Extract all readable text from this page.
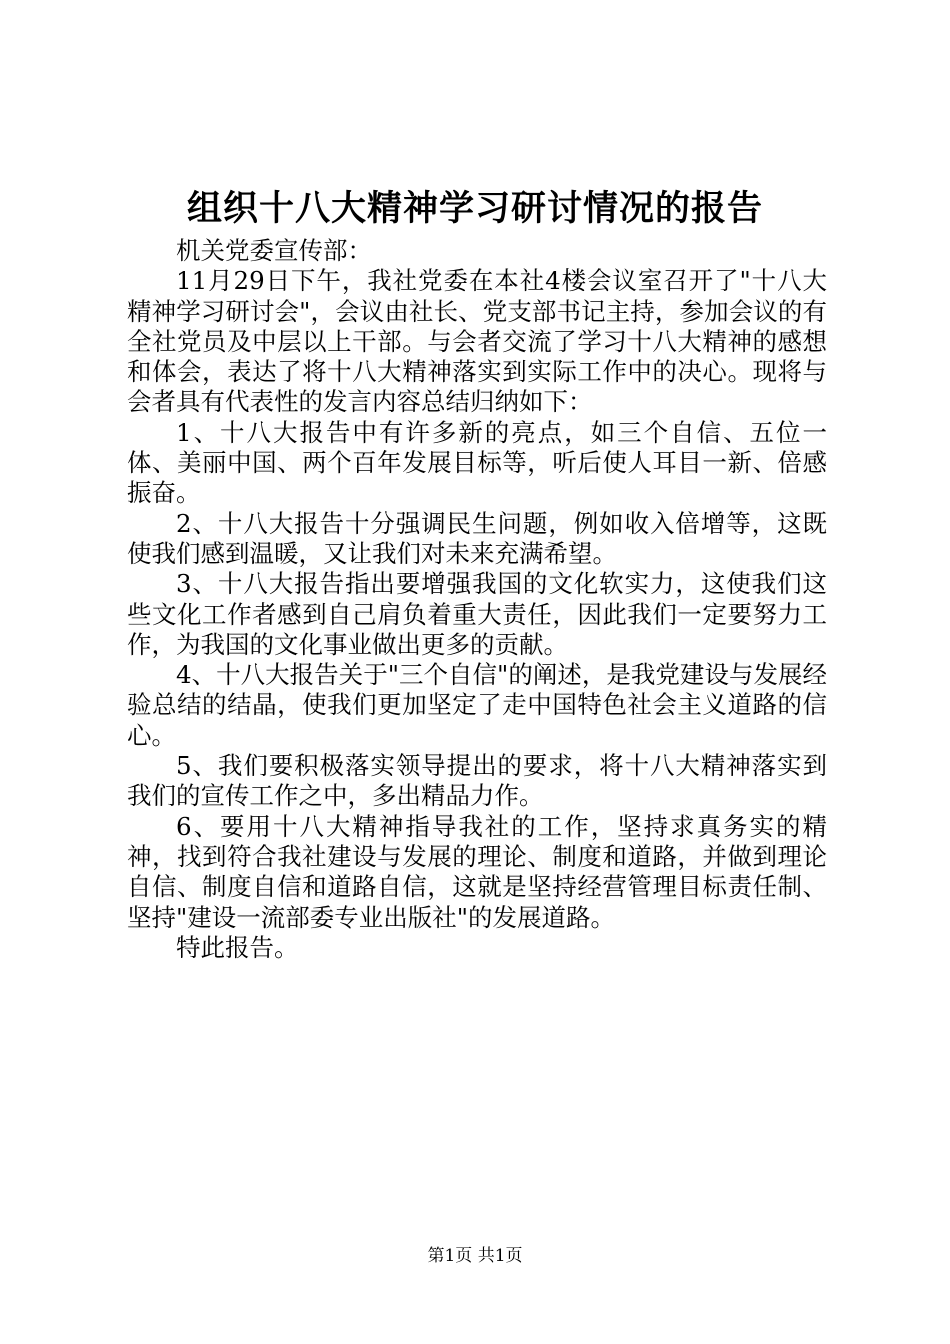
组织十八大精神学习研讨情况的报告

机关党委宣传部：

11月29日下午，我社党委在本社4楼会议室召开了"十八大精神学习研讨会"，会议由社长、党支部书记主持，参加会议的有全社党员及中层以上干部。与会者交流了学习十八大精神的感想和体会，表达了将十八大精神落实到实际工作中的决心。现将与会者具有代表性的发言内容总结归纳如下：

1、十八大报告中有许多新的亮点，如三个自信、五位一体、美丽中国、两个百年发展目标等，听后使人耳目一新、倍感振奋。

2、十八大报告十分强调民生问题，例如收入倍增等，这既使我们感到温暖，又让我们对未来充满希望。

3、十八大报告指出要增强我国的文化软实力，这使我们这些文化工作者感到自己肩负着重大责任，因此我们一定要努力工作，为我国的文化事业做出更多的贡献。

4、十八大报告关于"三个自信"的阐述，是我党建设与发展经验总结的结晶，使我们更加坚定了走中国特色社会主义道路的信心。

5、我们要积极落实领导提出的要求，将十八大精神落实到我们的宣传工作之中，多出精品力作。

6、要用十八大精神指导我社的工作，坚持求真务实的精神，找到符合我社建设与发展的理论、制度和道路，并做到理论自信、制度自信和道路自信，这就是坚持经营管理目标责任制、坚持"建设一流部委专业出版社"的发展道路。

特此报告。

第1页 共1页
